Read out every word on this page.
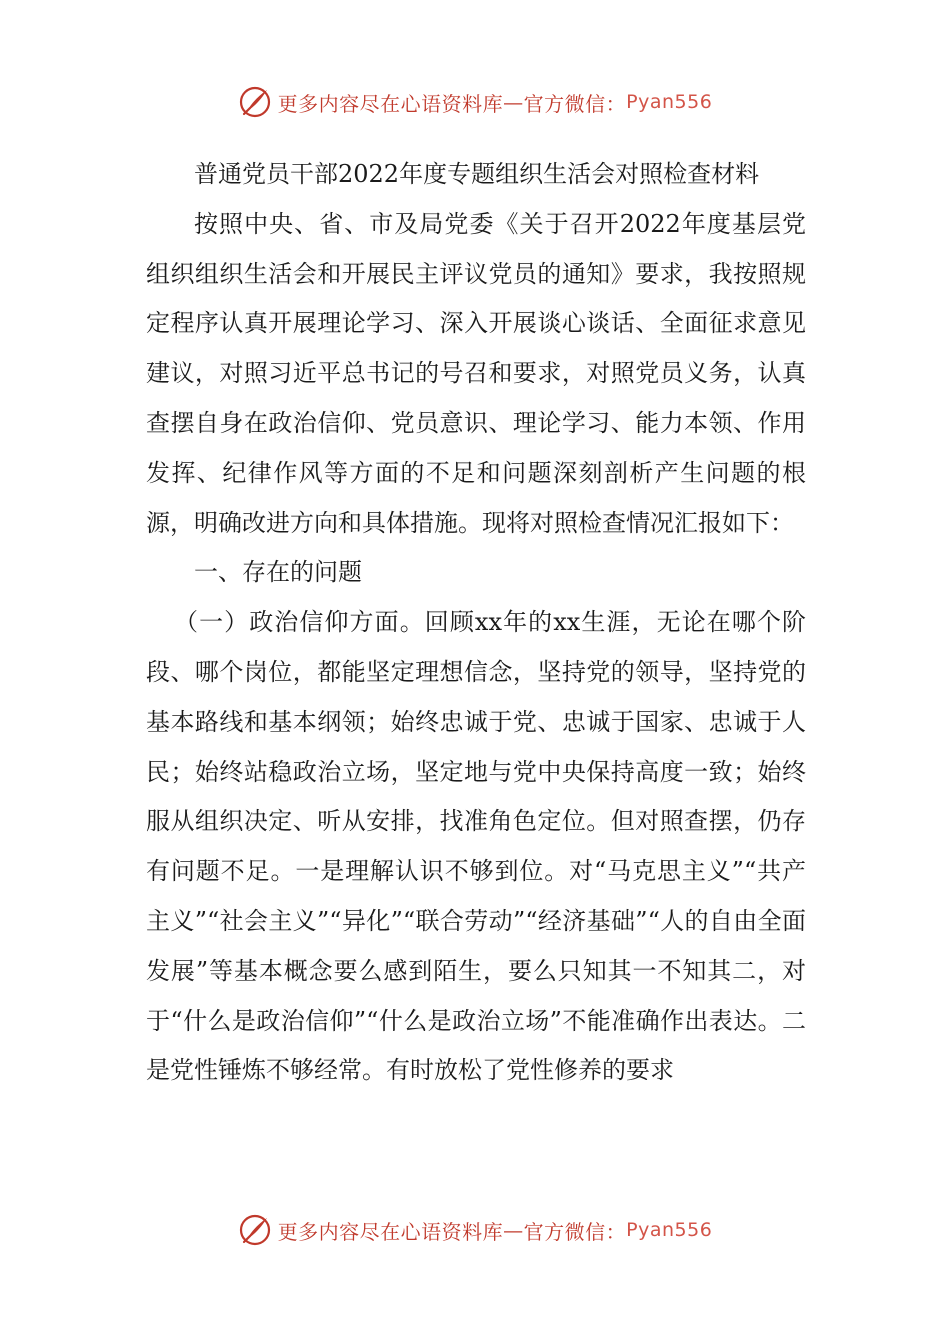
更多内容尽在心语资料库 — 官方微信： Pyan556

普通党员干部2022年度专题组织生活会对照检查材料

按照中央、省、市及局党委《关于召开2022年度基层党组织组织生活会和开展民主评议党员的通知》要求，我按照规定程序认真开展理论学习、深入开展谈心谈话、全面征求意见建议，对照习近平总书记的号召和要求，对照党员义务，认真查摆自身在政治信仰、党员意识、理论学习、能力本领、作用发挥、纪律作风等方面的不足和问题深刻剖析产生问题的根源，明确改进方向和具体措施。现将对照检查情况汇报如下：

一、存在的问题

（一）政治信仰方面。回顾xx年的xx生涯，无论在哪个阶段、哪个岗位，都能坚定理想信念，坚持党的领导，坚持党的基本路线和基本纲领；始终忠诚于党、忠诚于国家、忠诚于人民；始终站稳政治立场，坚定地与党中央保持高度一致；始终服从组织决定、听从安排，找准角色定位。但对照查摆，仍存有问题不足。一是理解认识不够到位。对“马克思主义”“共产主义”“社会主义”“异化”“联合劳动”“经济基础”“人的自由全面发展”等基本概念要么感到陌生，要么只知其一不知其二，对于“什么是政治信仰”“什么是政治立场”不能准确作出表达。二是党性锤炼不够经常。有时放松了党性修养的要求

更多内容尽在心语资料库 — 官方微信： Pyan556
